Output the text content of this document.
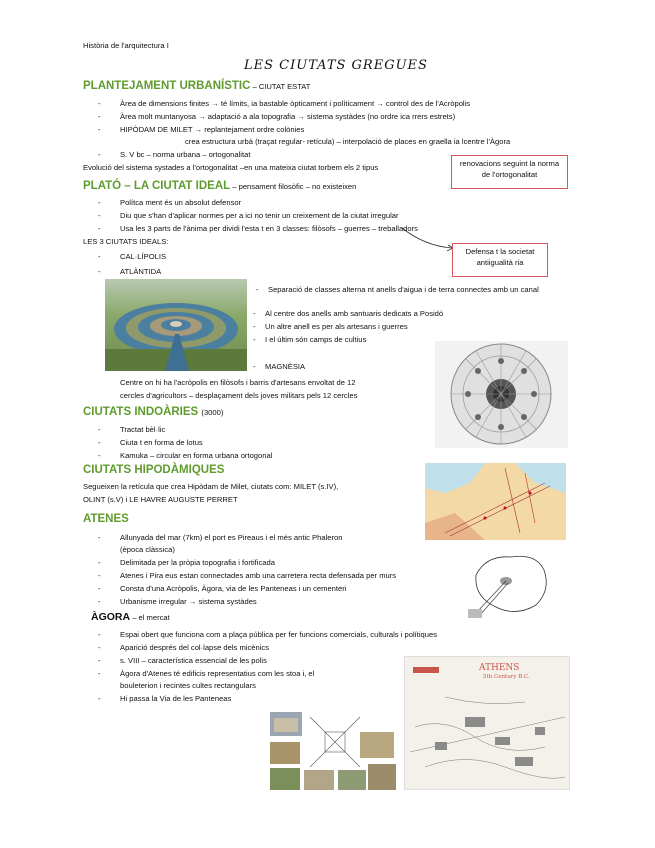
Història de l'arquitectura I
LES CIUTATS GREGUES
PLANTEJAMENT URBANÍSTIC – CIUTAT ESTAT
-	Àrea de dimensions finites → té límits, ia bastable òpticament i políticament → control des de l'Acròpolis
-	Àrea molt muntanyosa → adaptació a ala topografia → sistema systàdes (no ordre ica rrers estrets)
-	HIPÒDAM DE MILET → replantejament ordre colònies
crea estructura urbà (traçat regular- retícula) – interpolació de places en graella ia lcentre l'Àgora
-	S. V bc – norma urbana – ortogonalitat
Evolució del sistema systades a l'ortogonalitat –en una mateixa ciutat torbem els 2 tipus	renovacions seguint la norma de l'ortogonalitat
PLATÓ – LA CIUTAT IDEAL – pensament filosòfic – no existeixen
-	Polítca ment és un absolut defensor
-	Diu que s'han d'aplicar normes per a ici no tenir un creixement de la ciutat irregular
-	Usa les 3 parts de l'ànima per dividi l'esta t en 3 classes: filòsofs – guerres – treballadors
Defensa t la societat antiigualità ria
LES 3 CIUTATS IDEALS:
-	CAL·LÍPOLIS
-	ATLÀNTIDA
- Separació de classes alterna nt anells d'aigua i de terra connectes amb un canal
- Al centre dos anells amb santuaris dedicats a Posidó
- Un altre anell es per als artesans i guerres
- I el últim són camps de cultius
- MAGNÈSIA
Centre on hi ha l'acròpolis en filòsofs i barris d'artesans envoltat de 12
cercles d'agricultors – desplaçament dels joves militars pels 12 cercles
CIUTATS INDOÀRIES (3000)
-	Tractat bèl·lic
-	Ciuta t en forma de lotus
-	Kamuka – circular en forma urbana ortogonal
CIUTATS HIPODÀMIQUES
Segueixen la retícula que crea Hipòdam de Milet, ciutats com: MILET (s.IV),
OLINT (s.V) i LE HAVRE AUGUSTE PERRET
ATENES
-	Allunyada del mar (7km) el port es Pireaus i el més antic Phaleron
(època clàssica)
-	Delimitada per la pròpia topografia i fortificada
-	Atenes i Pira eus estan connectades amb una carretera recta defensada per murs
-	Consta d'una Acròpolis, Àgora, via de les Panteneas i un cementeri
-	Urbanisme irregular → sistema systàdes
ÀGORA – el mercat
-	Espai obert que funciona com a plaça pública per fer funcions comercials, culturals i polítiques
-	Aparició després del col·lapse dels micènics
-	s. VIII – característica essencial de les polis
-	Àgora d'Atenes té edificis representatius com les stoa i, el
bouleterion i recintes cultes rectangulars
-	Hi passa la Via de les Panteneas
ATHENS
5th Century B.C.
